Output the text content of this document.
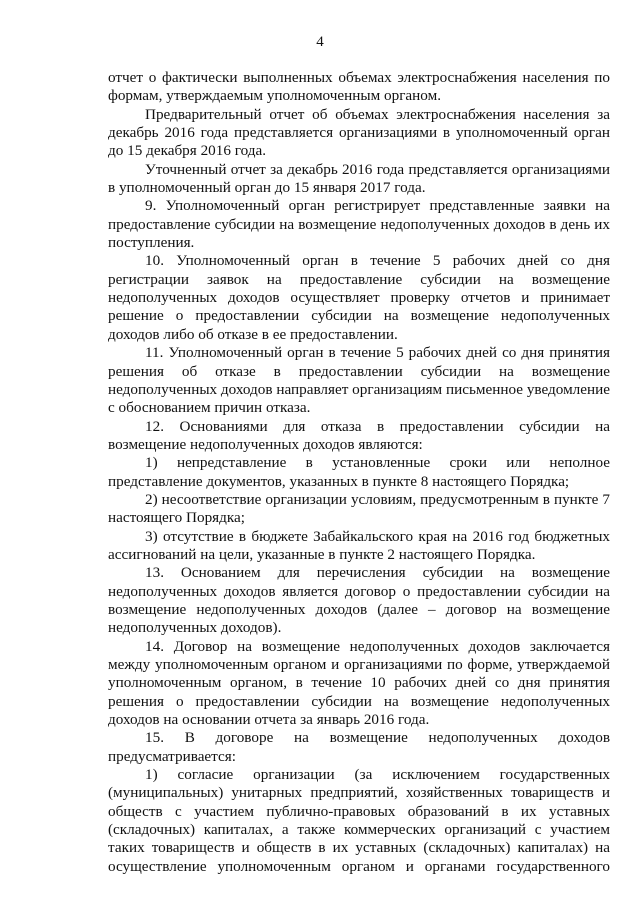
4

отчет о фактически выполненных объемах электроснабжения населения по формам, утверждаемым уполномоченным органом.

Предварительный отчет об объемах электроснабжения населения за декабрь 2016 года представляется организациями в уполномоченный орган до 15 декабря 2016 года.

Уточненный отчет за декабрь 2016 года представляется организациями в уполномоченный орган до 15 января 2017 года.

9. Уполномоченный орган регистрирует представленные заявки на предоставление субсидии на возмещение недополученных доходов в день их поступления.

10. Уполномоченный орган в течение 5 рабочих дней со дня регистрации заявок на предоставление субсидии на возмещение недополученных доходов осуществляет проверку отчетов и принимает решение о предоставлении субсидии на возмещение недополученных доходов либо об отказе в ее предоставлении.

11. Уполномоченный орган в течение 5 рабочих дней со дня принятия решения об отказе в предоставлении субсидии на возмещение недополученных доходов направляет организациям письменное уведомление с обоснованием причин отказа.

12. Основаниями для отказа в предоставлении субсидии на возмещение недополученных доходов являются:

1) непредставление в установленные сроки или неполное представление документов, указанных в пункте 8 настоящего Порядка;

2) несоответствие организации условиям, предусмотренным в пункте 7 настоящего Порядка;

3) отсутствие в бюджете Забайкальского края на 2016 год бюджетных ассигнований на цели, указанные в пункте 2 настоящего Порядка.

13. Основанием для перечисления субсидии на возмещение недополученных доходов является договор о предоставлении субсидии на возмещение недополученных доходов (далее – договор на возмещение недополученных доходов).

14. Договор на возмещение недополученных доходов заключается между уполномоченным органом и организациями по форме, утверждаемой уполномоченным органом, в течение 10 рабочих дней со дня принятия решения о предоставлении субсидии на возмещение недополученных доходов на основании отчета за январь 2016 года.

15. В договоре на возмещение недополученных доходов предусматривается:

1) согласие организации (за исключением государственных (муниципальных) унитарных предприятий, хозяйственных товариществ и обществ с участием публично-правовых образований в их уставных (складочных) капиталах, а также коммерческих организаций с участием таких товариществ и обществ в их уставных (складочных) капиталах) на осуществление уполномоченным органом и органами государственного
